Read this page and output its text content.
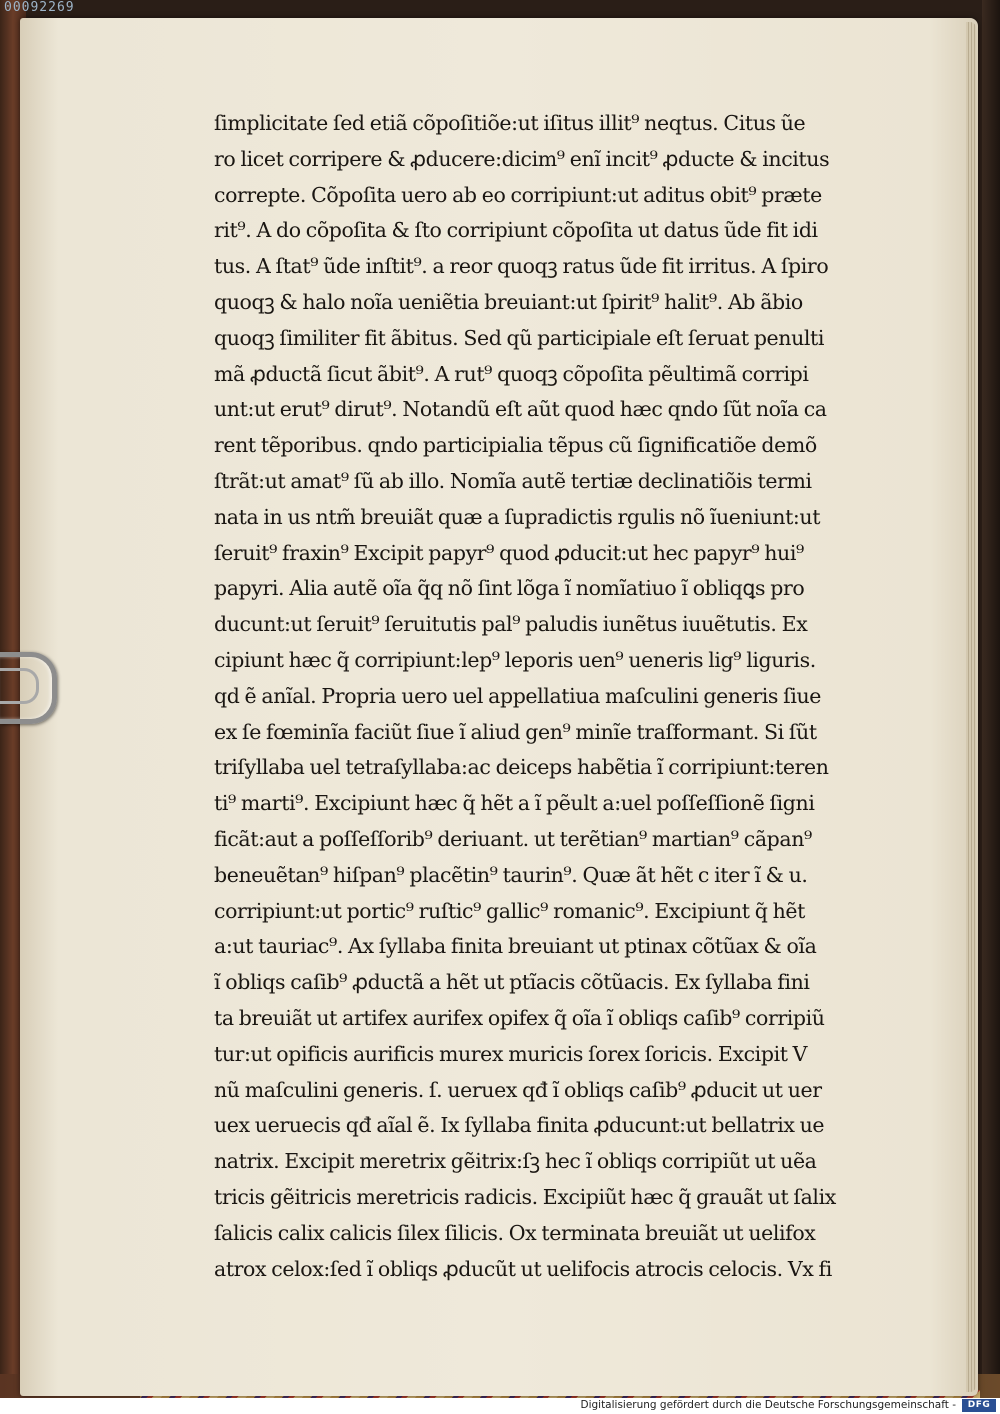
00092269
ſimplicitate ſed etiã cõpoſitiõe:ut iſitus illit⁹ neqtus. Citus ũe
ro licet corripere & ꝓducere:dicim⁹ enĩ incit⁹ ꝓducte & incitus
correpte. Cõpoſita uero ab eo corripiunt:ut aditus obit⁹ præte
rit⁹. A do cõpoſita & ſto corripiunt cõpoſita ut datus ũde fit idi
tus. A ſtat⁹ ũde inſtit⁹. a reor quoqꝫ ratus ũde fit irritus. A ſpiro
quoqꝫ & halo noĩa ueniẽtia breuiant:ut ſpirit⁹ halit⁹. Ab ãbio
quoqꝫ ſimiliter fit ãbitus. Sed qũ participiale eſt ſeruat penulti
mã ꝓductã ſicut ãbit⁹. A rut⁹ quoqꝫ cõpoſita pẽultimã corripi
unt:ut erut⁹ dirut⁹. Notandũ eſt aũt quod hæc qndo ſũt noĩa ca
rent tẽporibus. qndo participialia tẽpus cũ ſignificatiõe demõ
ſtrãt:ut amat⁹ ſũ ab illo. Nomĩa autẽ tertiæ declinatiõis termi
nata in us ntm̃ breuiãt quæ a ſupradictis rgulis nõ ĩueniunt:ut
ſeruit⁹ fraxin⁹ Excipit papyr⁹ quod ꝓducit:ut hec papyr⁹ hui⁹
papyri. Alia autẽ oĩa q̃q nõ ſint lõga ĩ nomĩatiuo ĩ obliqꝗs pro
ducunt:ut ſeruit⁹ ſeruitutis pal⁹ paludis iunẽtus iuuẽtutis. Ex
cipiunt hæc q̃ corripiunt:lep⁹ leporis uen⁹ ueneris lig⁹ liguris.
qd ẽ anĩal. Propria uero uel appellatiua maſculini generis ſiue
ex ſe fœminĩa faciũt ſiue ĩ aliud gen⁹ minĩe traſformant. Si ſũt
triſyllaba uel tetraſyllaba:ac deiceps habẽtia ĩ corripiunt:teren
ti⁹ marti⁹. Excipiunt hæc q̃ hẽt a ĩ pẽult a:uel poſſeſſionẽ ſigni
ficãt:aut a poſſeſſorib⁹ deriuant. ut terẽtian⁹ martian⁹ cãpan⁹
beneuẽtan⁹ hiſpan⁹ placẽtin⁹ taurin⁹. Quæ ãt hẽt c iter ĩ & u.
corripiunt:ut portic⁹ ruſtic⁹ gallic⁹ romanic⁹. Excipiunt q̃ hẽt
a:ut tauriac⁹. Ax ſyllaba finita breuiant ut ptinax cõtũax & oĩa
ĩ obliqs caſib⁹ ꝓductã a hẽt ut ptĩacis cõtũacis. Ex ſyllaba fini
ta breuiãt ut artifex aurifex opifex q̃ oĩa ĩ obliqs caſib⁹ corripiũ
tur:ut opificis aurificis murex muricis ſorex ſoricis. Excipit V
nũ maſculini generis. ſ. ueruex qđ ĩ obliqs caſib⁹ ꝓducit ut uer
uex ueruecis qđ aĩal ẽ. Ix ſyllaba finita ꝓducunt:ut bellatrix ue
natrix. Excipit meretrix gẽitrix:ſꝫ hec ĩ obliqs corripiũt ut uẽa
tricis gẽitricis meretricis radicis. Excipiũt hæc q̃ grauãt ut ſalix
ſalicis calix calicis ſilex ſilicis. Ox terminata breuiãt ut uelifox
atrox celox:ſed ĩ obliqs ꝓducũt ut uelifocis atrocis celocis. Vx fi
Digitalisierung gefördert durch die Deutsche Forschungsgemeinschaft -	DFG
